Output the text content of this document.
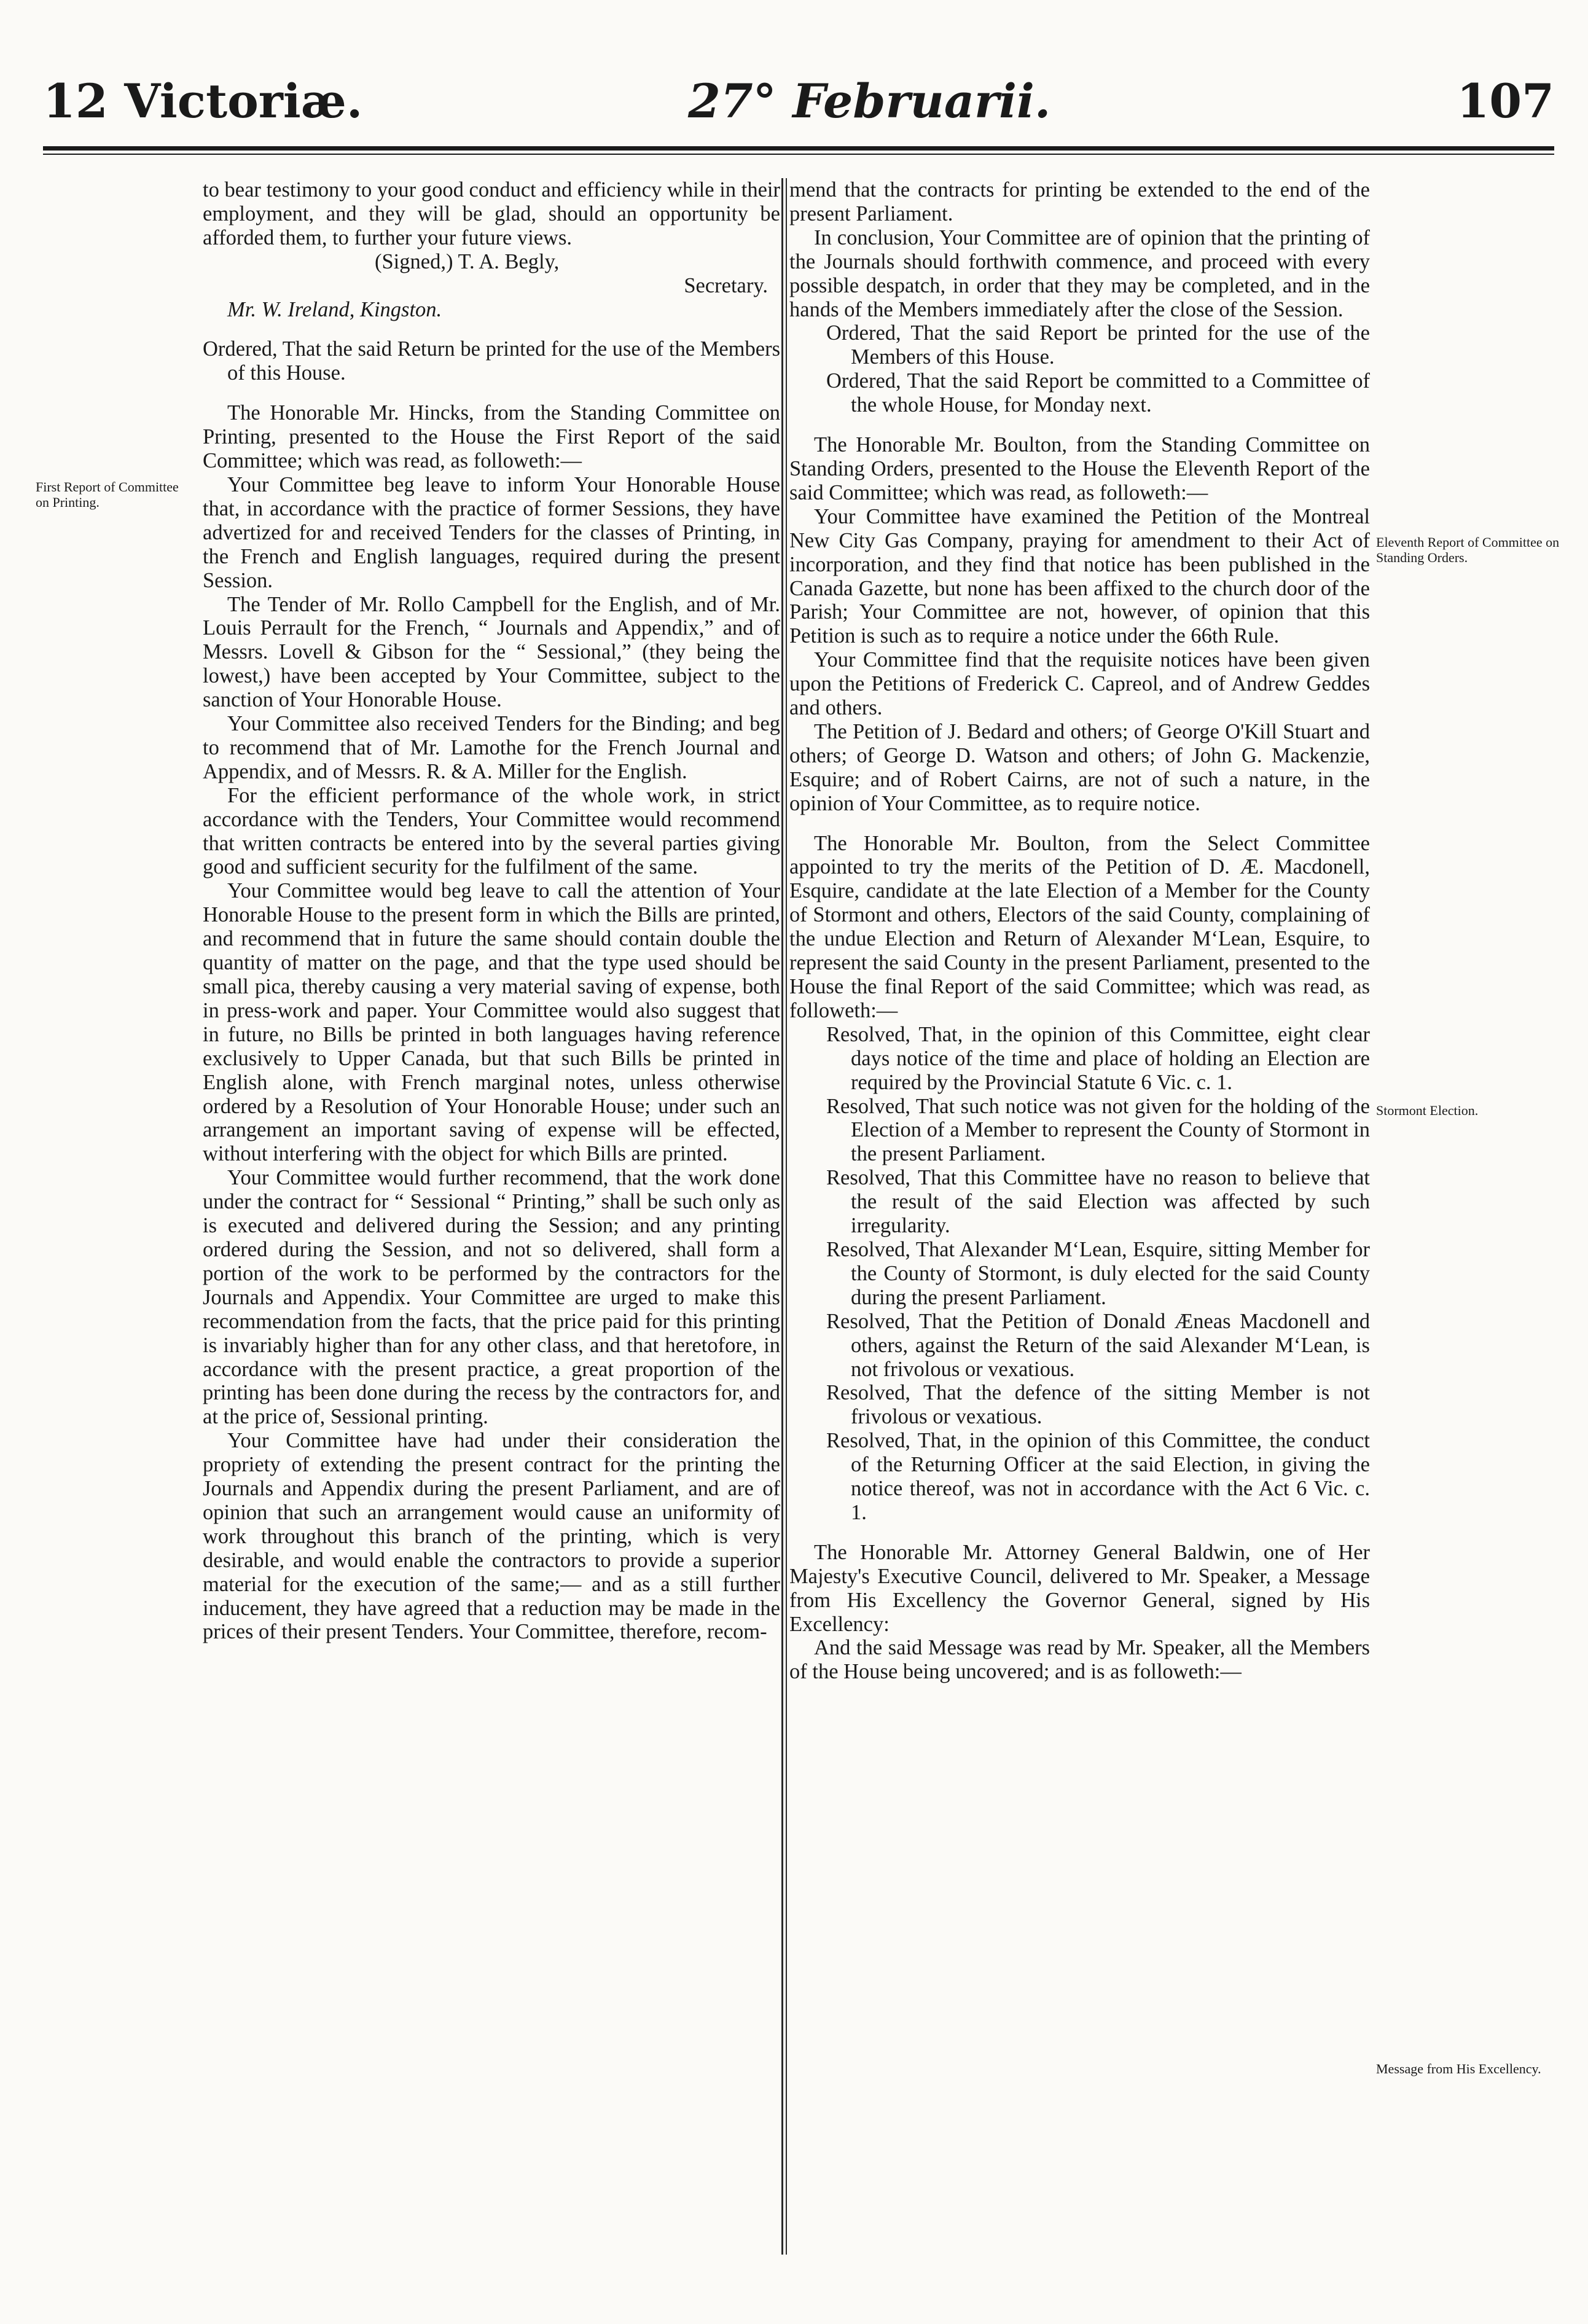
12 Victoriæ.	27° Februarii.	107
First Report of Committee on Printing.
Eleventh Report of Committee on Standing Orders.
Stormont Election.
Message from His Excellency.

to bear testimony to your good conduct and efficiency while in their employment, and they will be glad, should an opportunity be afforded them, to further your future views.

(Signed,) T. A. Begly,

Secretary.

Mr. W. Ireland, Kingston.

Ordered, That the said Return be printed for the use of the Members of this House.

The Honorable Mr. Hincks, from the Standing Committee on Printing, presented to the House the First Report of the said Committee; which was read, as followeth:—

Your Committee beg leave to inform Your Honorable House that, in accordance with the practice of former Sessions, they have advertized for and received Tenders for the classes of Printing, in the French and English languages, required during the present Session.

The Tender of Mr. Rollo Campbell for the English, and of Mr. Louis Perrault for the French, “ Journals and Appendix,” and of Messrs. Lovell & Gibson for the “ Sessional,” (they being the lowest,) have been accepted by Your Committee, subject to the sanction of Your Honorable House.

Your Committee also received Tenders for the Binding; and beg to recommend that of Mr. Lamothe for the French Journal and Appendix, and of Messrs. R. & A. Miller for the English.

For the efficient performance of the whole work, in strict accordance with the Tenders, Your Committee would recommend that written contracts be entered into by the several parties giving good and sufficient security for the fulfilment of the same.

Your Committee would beg leave to call the attention of Your Honorable House to the present form in which the Bills are printed, and recommend that in future the same should contain double the quantity of matter on the page, and that the type used should be small pica, thereby causing a very material saving of expense, both in press-work and paper. Your Committee would also suggest that in future, no Bills be printed in both languages having reference exclusively to Upper Canada, but that such Bills be printed in English alone, with French marginal notes, unless otherwise ordered by a Resolution of Your Honorable House; under such an arrangement an important saving of expense will be effected, without interfering with the object for which Bills are printed.

Your Committee would further recommend, that the work done under the contract for “ Sessional “ Printing,” shall be such only as is executed and delivered during the Session; and any printing ordered during the Session, and not so delivered, shall form a portion of the work to be performed by the contractors for the Journals and Appendix. Your Committee are urged to make this recommendation from the facts, that the price paid for this printing is invariably higher than for any other class, and that heretofore, in accordance with the present practice, a great proportion of the printing has been done during the recess by the contractors for, and at the price of, Sessional printing.

Your Committee have had under their consideration the propriety of extending the present contract for the printing the Journals and Appendix during the present Parliament, and are of opinion that such an arrangement would cause an uniformity of work throughout this branch of the printing, which is very desirable, and would enable the contractors to provide a superior material for the execution of the same;— and as a still further inducement, they have agreed that a reduction may be made in the prices of their present Tenders. Your Committee, therefore, recom-

mend that the contracts for printing be extended to the end of the present Parliament.

In conclusion, Your Committee are of opinion that the printing of the Journals should forthwith commence, and proceed with every possible despatch, in order that they may be completed, and in the hands of the Members immediately after the close of the Session.

Ordered, That the said Report be printed for the use of the Members of this House.

Ordered, That the said Report be committed to a Committee of the whole House, for Monday next.

The Honorable Mr. Boulton, from the Standing Committee on Standing Orders, presented to the House the Eleventh Report of the said Committee; which was read, as followeth:—

Your Committee have examined the Petition of the Montreal New City Gas Company, praying for amendment to their Act of incorporation, and they find that notice has been published in the Canada Gazette, but none has been affixed to the church door of the Parish; Your Committee are not, however, of opinion that this Petition is such as to require a notice under the 66th Rule.

Your Committee find that the requisite notices have been given upon the Petitions of Frederick C. Capreol, and of Andrew Geddes and others.

The Petition of J. Bedard and others; of George O'Kill Stuart and others; of George D. Watson and others; of John G. Mackenzie, Esquire; and of Robert Cairns, are not of such a nature, in the opinion of Your Committee, as to require notice.

The Honorable Mr. Boulton, from the Select Committee appointed to try the merits of the Petition of D. Æ. Macdonell, Esquire, candidate at the late Election of a Member for the County of Stormont and others, Electors of the said County, complaining of the undue Election and Return of Alexander M‘Lean, Esquire, to represent the said County in the present Parliament, presented to the House the final Report of the said Committee; which was read, as followeth:—

Resolved, That, in the opinion of this Committee, eight clear days notice of the time and place of holding an Election are required by the Provincial Statute 6 Vic. c. 1.

Resolved, That such notice was not given for the holding of the Election of a Member to represent the County of Stormont in the present Parliament.

Resolved, That this Committee have no reason to believe that the result of the said Election was affected by such irregularity.

Resolved, That Alexander M‘Lean, Esquire, sitting Member for the County of Stormont, is duly elected for the said County during the present Parliament.

Resolved, That the Petition of Donald Æneas Macdonell and others, against the Return of the said Alexander M‘Lean, is not frivolous or vexatious.

Resolved, That the defence of the sitting Member is not frivolous or vexatious.

Resolved, That, in the opinion of this Committee, the conduct of the Returning Officer at the said Election, in giving the notice thereof, was not in accordance with the Act 6 Vic. c. 1.

The Honorable Mr. Attorney General Baldwin, one of Her Majesty's Executive Council, delivered to Mr. Speaker, a Message from His Excellency the Governor General, signed by His Excellency:

And the said Message was read by Mr. Speaker, all the Members of the House being uncovered; and is as followeth:—
